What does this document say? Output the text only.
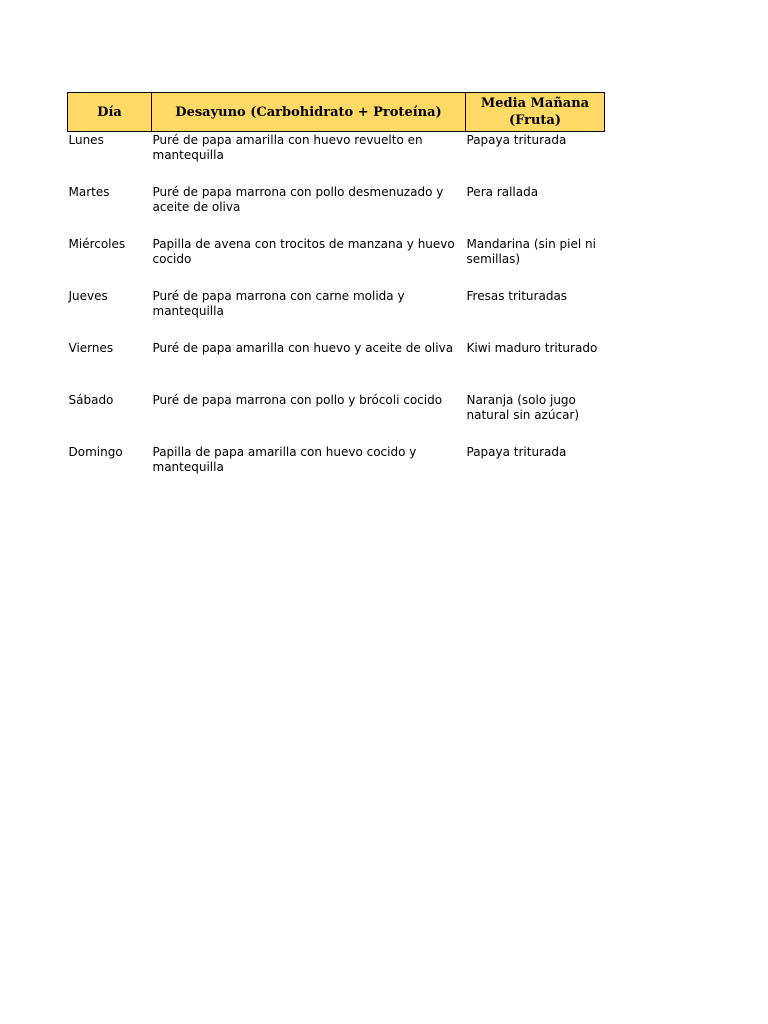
Día	Desayuno (Carbohidrato + Proteína)	Media Mañana (Fruta)

Lunes	Puré de papa amarilla con huevo revuelto en mantequilla	Papaya triturada

Martes	Puré de papa marrona con pollo desmenuzado y aceite de oliva	Pera rallada

Miércoles	Papilla de avena con trocitos de manzana y huevo cocido	Mandarina (sin piel ni semillas)

Jueves	Puré de papa marrona con carne molida y mantequilla	Fresas trituradas

Viernes	Puré de papa amarilla con huevo y aceite de oliva	Kiwi maduro triturado

Sábado	Puré de papa marrona con pollo y brócoli cocido	Naranja (solo jugo natural sin azúcar)

Domingo	Papilla de papa amarilla con huevo cocido y mantequilla	Papaya triturada
